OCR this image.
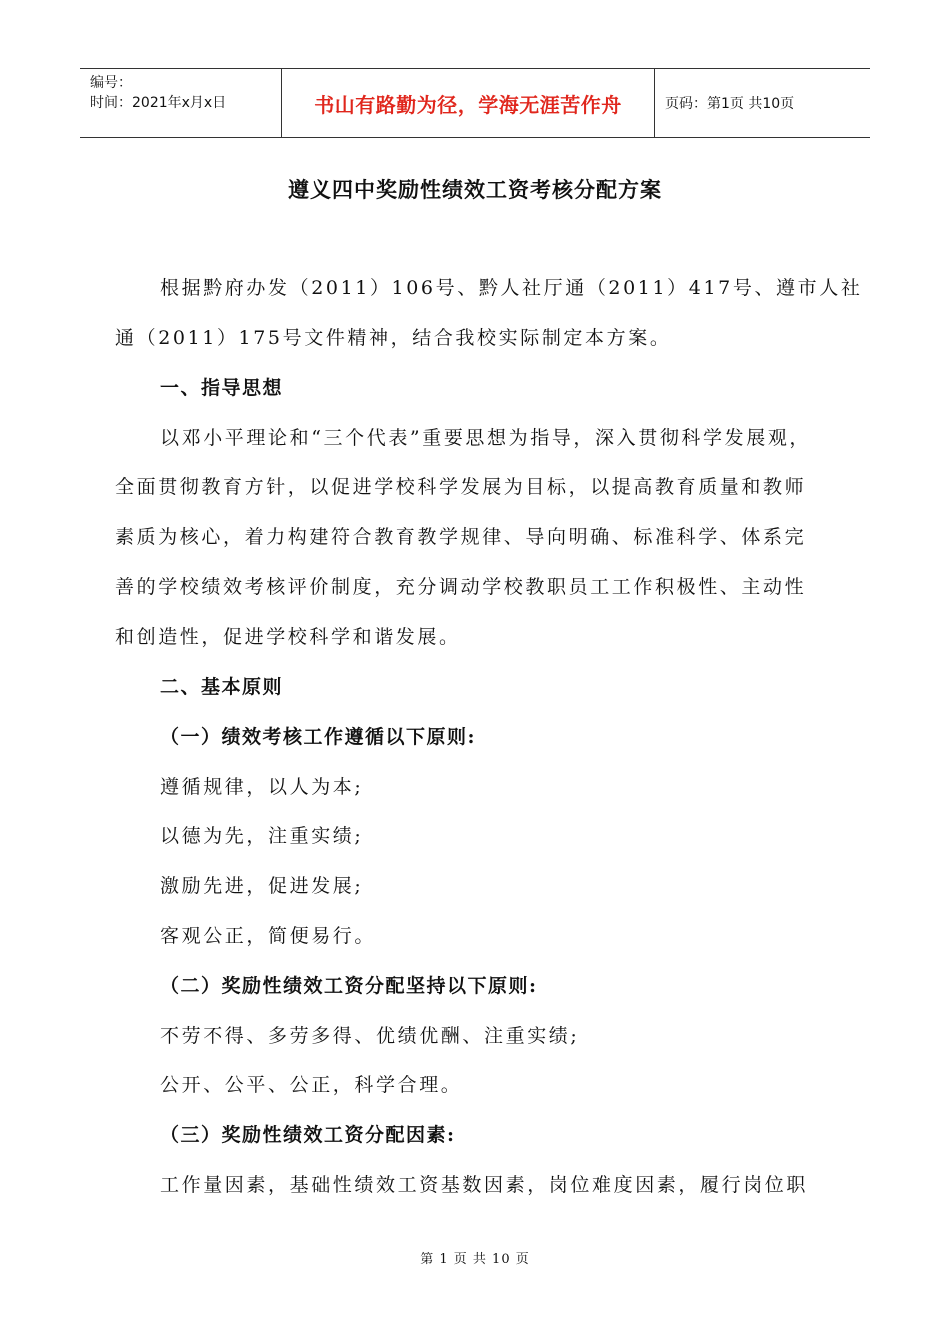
编号：
时间：2021年x月x日	书山有路勤为径，学海无涯苦作舟	页码：第1页 共10页
遵义四中奖励性绩效工资考核分配方案
根据黔府办发（2011）106号、黔人社厅通（2011）417号、遵市人社
通（2011）175号文件精神，结合我校实际制定本方案。
一、指导思想
以邓小平理论和“三个代表”重要思想为指导，深入贯彻科学发展观，
全面贯彻教育方针，以促进学校科学发展为目标，以提高教育质量和教师
素质为核心，着力构建符合教育教学规律、导向明确、标准科学、体系完
善的学校绩效考核评价制度，充分调动学校教职员工工作积极性、主动性
和创造性，促进学校科学和谐发展。
二、基本原则
（一）绩效考核工作遵循以下原则:
遵循规律，以人为本;
以德为先，注重实绩;
激励先进，促进发展;
客观公正，简便易行。
（二）奖励性绩效工资分配坚持以下原则:
不劳不得、多劳多得、优绩优酬、注重实绩;
公开、公平、公正，科学合理。
（三）奖励性绩效工资分配因素:
工作量因素，基础性绩效工资基数因素，岗位难度因素，履行岗位职
第 1 页 共 10 页
